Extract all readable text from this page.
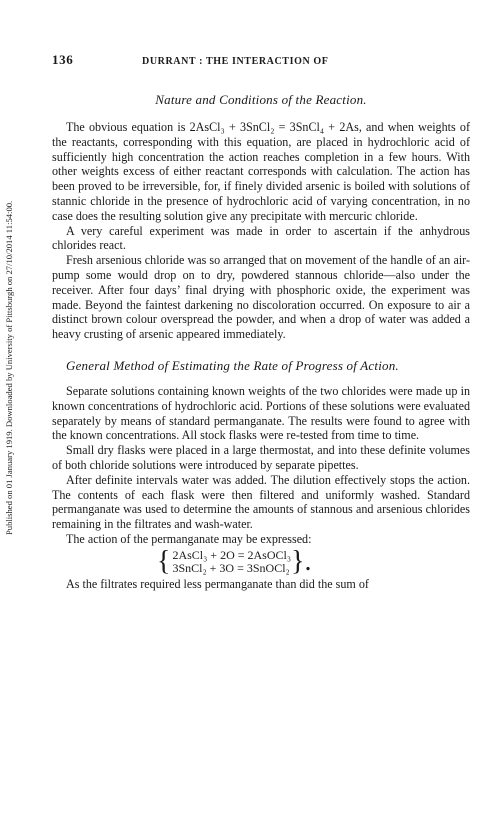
Published on 01 January 1919. Downloaded by University of Pittsburgh on 27/10/2014 11:54:00.
136	DURRANT : THE INTERACTION OF
Nature and Conditions of the Reaction.

The obvious equation is 2AsCl₃ + 3SnCl₂ = 3SnCl₄ + 2As, and when weights of the reactants, corresponding with this equation, are placed in hydrochloric acid of sufficiently high concentration the action reaches completion in a few hours. With other weights excess of either reactant corresponds with calculation. The action has been proved to be irreversible, for, if finely divided arsenic is boiled with solutions of stannic chloride in the presence of hydrochloric acid of varying concentration, in no case does the resulting solution give any precipitate with mercuric chloride.

A very careful experiment was made in order to ascertain if the anhydrous chlorides react.

Fresh arsenious chloride was so arranged that on movement of the handle of an air-pump some would drop on to dry, powdered stannous chloride—also under the receiver. After four days’ final drying with phosphoric oxide, the experiment was made. Beyond the faintest darkening no discoloration occurred. On exposure to air a distinct brown colour overspread the powder, and when a drop of water was added a heavy crusting of arsenic appeared immediately.

General Method of Estimating the Rate of Progress of Action.

Separate solutions containing known weights of the two chlorides were made up in known concentrations of hydrochloric acid. Portions of these solutions were evaluated separately by means of standard permanganate. The results were found to agree with the known concentrations. All stock flasks were re-tested from time to time.

Small dry flasks were placed in a large thermostat, and into these definite volumes of both chloride solutions were introduced by separate pipettes.

After definite intervals water was added. The dilution effectively stops the action. The contents of each flask were then filtered and uniformly washed. Standard permanganate was used to determine the amounts of stannous and arsenious chlorides remaining in the filtrates and wash-water.

The action of the permanganate may be expressed:

{ 2AsCl₃ + 2O = 2AsOCl₃
3SnCl₂ + 3O = 3SnOCl₂ }.

As the filtrates required less permanganate than did the sum of
